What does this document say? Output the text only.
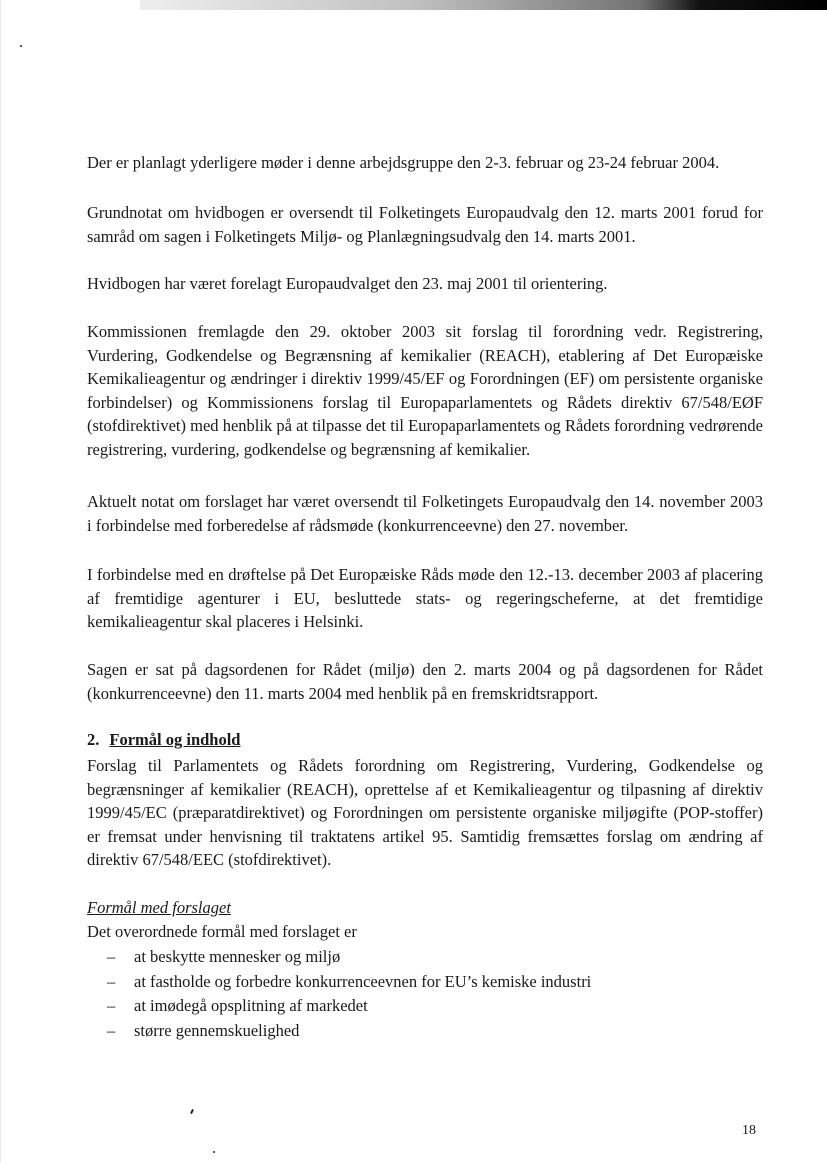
Der er planlagt yderligere møder i denne arbejdsgruppe den 2-3. februar og 23-24 februar 2004.

Grundnotat om hvidbogen er oversendt til Folketingets Europaudvalg den 12. marts 2001 forud for samråd om sagen i Folketingets Miljø- og Planlægningsudvalg den 14. marts 2001.

Hvidbogen har været forelagt Europaudvalget den 23. maj 2001 til orientering.

Kommissionen fremlagde den 29. oktober 2003 sit forslag til forordning vedr. Registrering, Vurdering, Godkendelse og Begrænsning af kemikalier (REACH), etablering af Det Europæiske Kemikalieagentur og ændringer i direktiv 1999/45/EF og Forordningen (EF) om persistente organiske forbindelser) og Kommissionens forslag til Europaparlamentets og Rådets direktiv 67/548/EØF (stofdirektivet) med henblik på at tilpasse det til Europaparlamentets og Rådets forordning vedrørende registrering, vurdering, godkendelse og begrænsning af kemikalier.

Aktuelt notat om forslaget har været oversendt til Folketingets Europaudvalg den 14. november 2003 i forbindelse med forberedelse af rådsmøde (konkurrenceevne) den 27. november.

I forbindelse med en drøftelse på Det Europæiske Råds møde den 12.-13. december 2003 af placering af fremtidige agenturer i EU, besluttede stats- og regeringscheferne, at det fremtidige kemikalieagentur skal placeres i Helsinki.

Sagen er sat på dagsordenen for Rådet (miljø) den 2. marts 2004 og på dagsordenen for Rådet (konkurrenceevne) den 11. marts 2004 med henblik på en fremskridtsrapport.

2. Formål og indhold

Forslag til Parlamentets og Rådets forordning om Registrering, Vurdering, Godkendelse og begrænsninger af kemikalier (REACH), oprettelse af et Kemikalieagentur og tilpasning af direktiv 1999/45/EC (præparatdirektivet) og Forordningen om persistente organiske miljøgifte (POP-stoffer) er fremsat under henvisning til traktatens artikel 95. Samtidig fremsættes forslag om ændring af direktiv 67/548/EEC (stofdirektivet).

Formål med forslaget
Det overordnede formål med forslaget er
– at beskytte mennesker og miljø
– at fastholde og forbedre konkurrenceevnen for EU’s kemiske industri
– at imødegå opsplitning af markedet
– større gennemskuelighed
18
